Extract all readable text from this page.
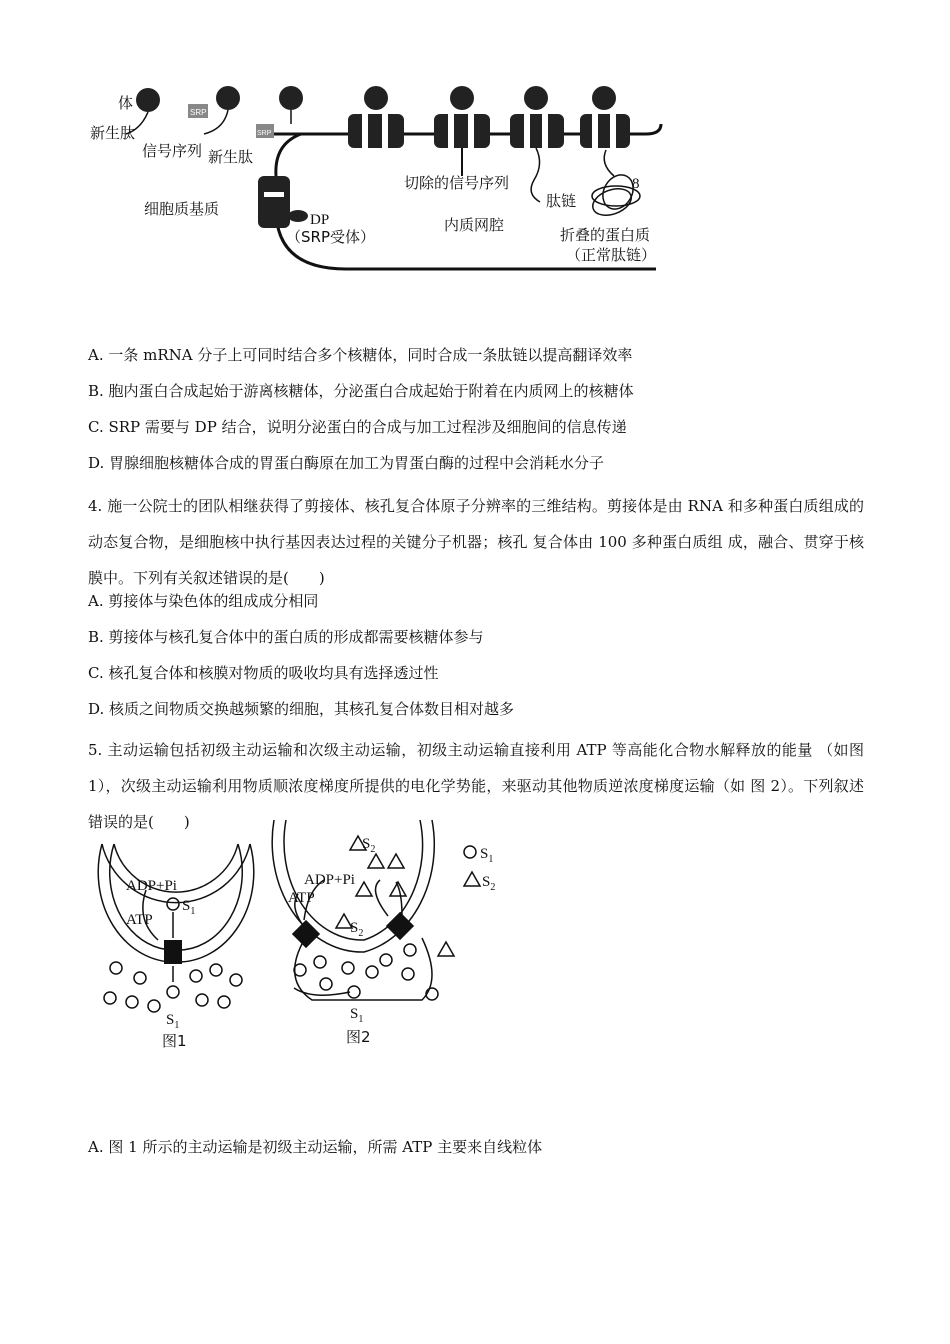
体
新生肽
信号序列 新生肽
SRP
SRP
细胞质基质
DP
（SRP受体）
切除的信号序列
肽链
内质网腔
折叠的蛋白质
（正常肽链）
8
A. 一条 mRNA 分子上可同时结合多个核糖体，同时合成一条肽链以提高翻译效率
B. 胞内蛋白合成起始于游离核糖体，分泌蛋白合成起始于附着在内质网上的核糖体
C. SRP 需要与 DP 结合，说明分泌蛋白的合成与加工过程涉及细胞间的信息传递
D. 胃腺细胞核糖体合成的胃蛋白酶原在加工为胃蛋白酶的过程中会消耗水分子
4. 施一公院士的团队相继获得了剪接体、核孔复合体原子分辨率的三维结构。剪接体是由 RNA 和多种蛋白质组成的动态复合物，是细胞核中执行基因表达过程的关键分子机器；核孔 复合体由 100 多种蛋白质组 成，融合、贯穿于核膜中。下列有关叙述错误的是(　　)
A. 剪接体与染色体的组成成分相同
B. 剪接体与核孔复合体中的蛋白质的形成都需要核糖体参与
C. 核孔复合体和核膜对物质的吸收均具有选择透过性
D. 核质之间物质交换越频繁的细胞，其核孔复合体数目相对越多
5. 主动运输包括初级主动运输和次级主动运输，初级主动运输直接利用 ATP 等高能化合物水解释放的能量 （如图 1），次级主动运输利用物质顺浓度梯度所提供的电化学势能，来驱动其他物质逆浓度梯度运输（如 图 2）。下列叙述错误的是(　　)
ADP+Pi
ATP
$S_1$
$S_1$
图1
ADP+Pi
ATP
$S_2$
$S_2$
$S_1$
图2
$S_1$
$S_2$
A. 图 1 所示的主动运输是初级主动运输，所需 ATP 主要来自线粒体
